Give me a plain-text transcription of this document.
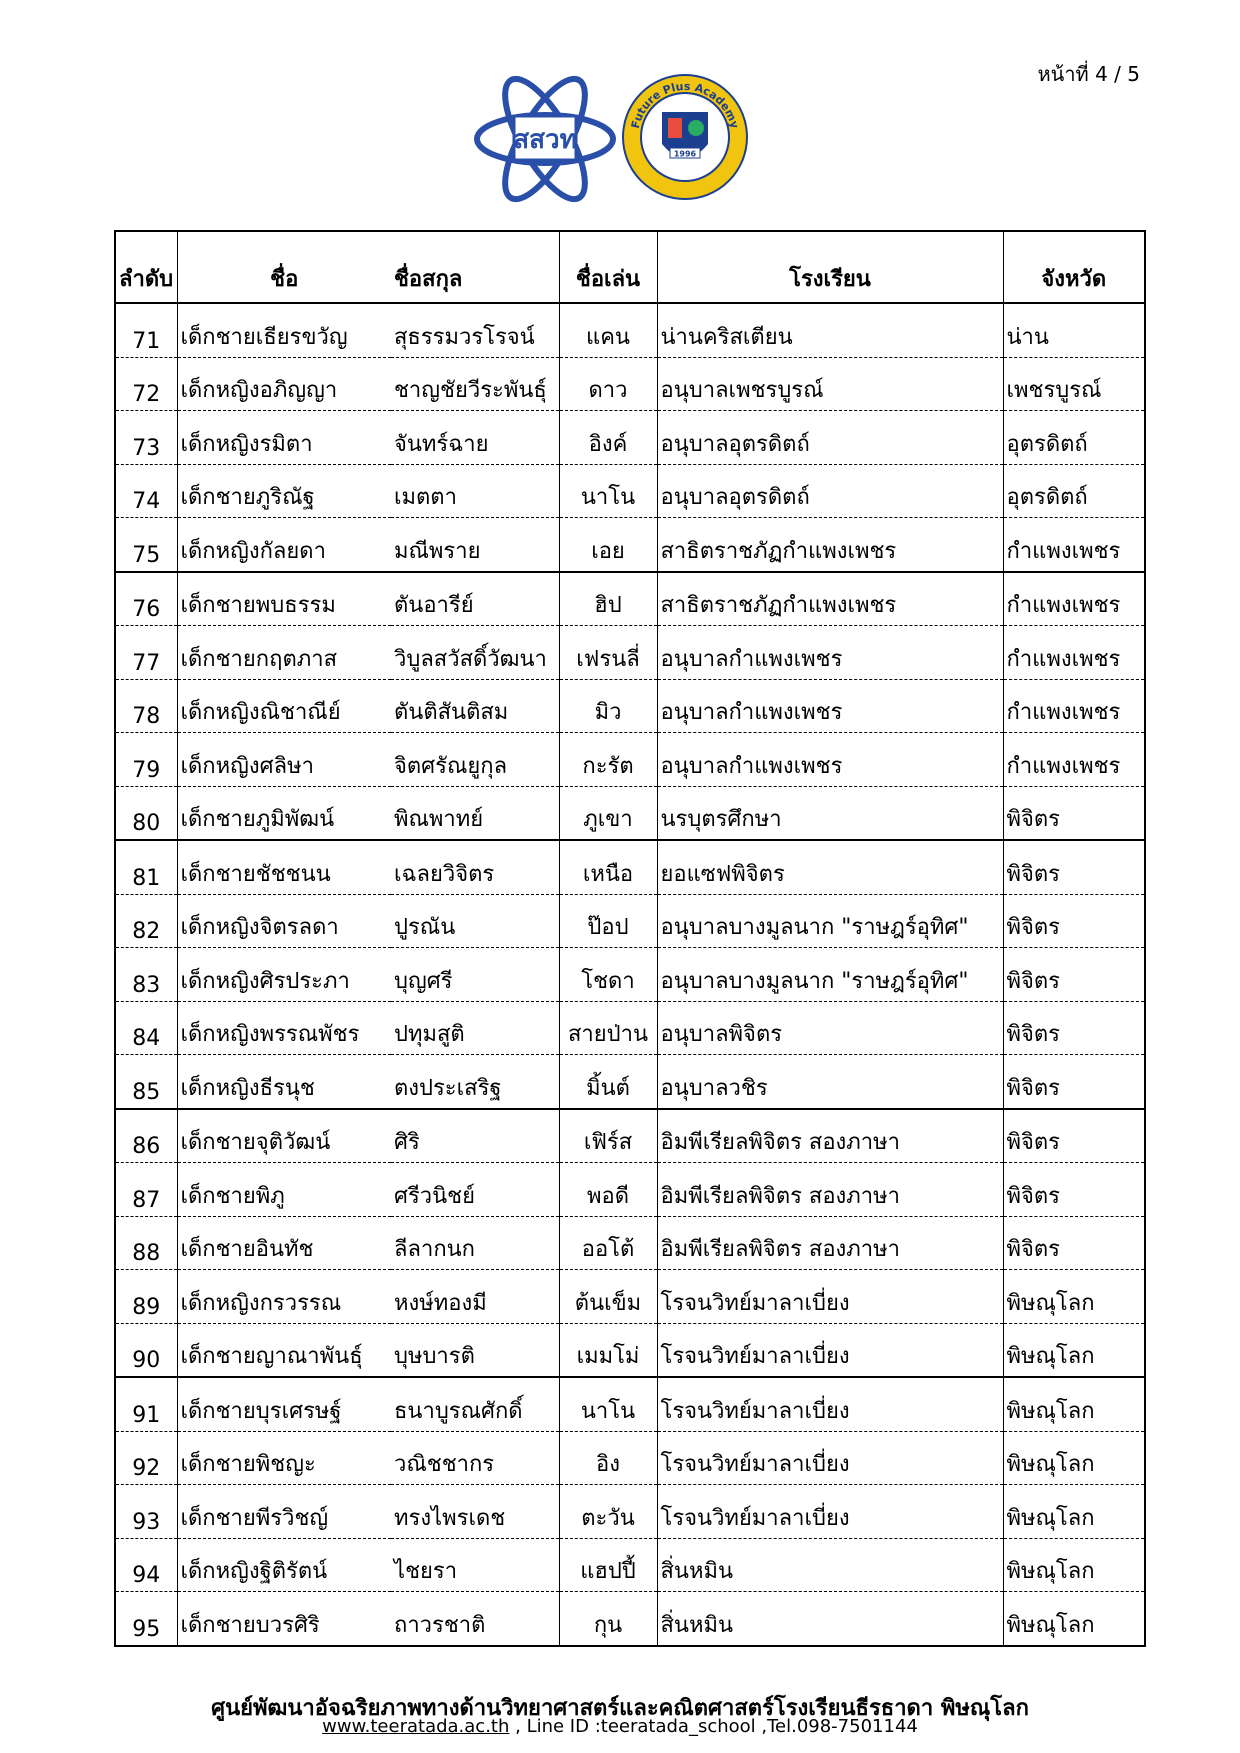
หน้าที่ 4 / 5
สสวท	1996
Future Plus Academy
ลำดับ	ชื่อ	ชื่อสกุล	ชื่อเล่น	โรงเรียน	จังหวัด
71	เด็กชายเธียรขวัญ	สุธรรมวรโรจน์	แคน	น่านคริสเตียน	น่าน
72	เด็กหญิงอภิญญา	ชาญชัยวีระพันธุ์	ดาว	อนุบาลเพชรบูรณ์	เพชรบูรณ์
73	เด็กหญิงรมิตา	จันทร์ฉาย	อิงค์	อนุบาลอุตรดิตถ์	อุตรดิตถ์
74	เด็กชายภูริณัฐ	เมตตา	นาโน	อนุบาลอุตรดิตถ์	อุตรดิตถ์
75	เด็กหญิงกัลยดา	มณีพราย	เอย	สาธิตราชภัฏกำแพงเพชร	กำแพงเพชร
76	เด็กชายพบธรรม	ตันอารีย์	ฮิป	สาธิตราชภัฏกำแพงเพชร	กำแพงเพชร
77	เด็กชายกฤตภาส	วิบูลสวัสดิ์วัฒนา	เฟรนลี่	อนุบาลกำแพงเพชร	กำแพงเพชร
78	เด็กหญิงณิชาณีย์	ตันติสันติสม	มิว	อนุบาลกำแพงเพชร	กำแพงเพชร
79	เด็กหญิงศลิษา	จิตศรัณยูกุล	กะรัต	อนุบาลกำแพงเพชร	กำแพงเพชร
80	เด็กชายภูมิพัฒน์	พิณพาทย์	ภูเขา	นรบุตรศึกษา	พิจิตร
81	เด็กชายชัชชนน	เฉลยวิจิตร	เหนือ	ยอแซฟพิจิตร	พิจิตร
82	เด็กหญิงจิตรลดา	ปูรณัน	ป๊อป	อนุบาลบางมูลนาก "ราษฎร์อุทิศ"	พิจิตร
83	เด็กหญิงศิรประภา	บุญศรี	โชดา	อนุบาลบางมูลนาก "ราษฎร์อุทิศ"	พิจิตร
84	เด็กหญิงพรรณพัชร	ปทุมสูติ	สายป่าน	อนุบาลพิจิตร	พิจิตร
85	เด็กหญิงธีรนุช	ตงประเสริฐ	มิ้นต์	อนุบาลวชิร	พิจิตร
86	เด็กชายจุติวัฒน์	ศิริ	เฟิร์ส	อิมพีเรียลพิจิตร สองภาษา	พิจิตร
87	เด็กชายพิภู	ศรีวนิชย์	พอดี	อิมพีเรียลพิจิตร สองภาษา	พิจิตร
88	เด็กชายอินทัช	ลีลากนก	ออโต้	อิมพีเรียลพิจิตร สองภาษา	พิจิตร
89	เด็กหญิงกรวรรณ	หงษ์ทองมี	ต้นเข็ม	โรจนวิทย์มาลาเบี่ยง	พิษณุโลก
90	เด็กชายญาณาพันธุ์	บุษบารติ	เมมโม่	โรจนวิทย์มาลาเบี่ยง	พิษณุโลก
91	เด็กชายบุรเศรษฐ์	ธนาบูรณศักดิ์	นาโน	โรจนวิทย์มาลาเบี่ยง	พิษณุโลก
92	เด็กชายพิชญะ	วณิชชากร	อิง	โรจนวิทย์มาลาเบี่ยง	พิษณุโลก
93	เด็กชายพีรวิชญ์	ทรงไพรเดช	ตะวัน	โรจนวิทย์มาลาเบี่ยง	พิษณุโลก
94	เด็กหญิงฐิติรัตน์	ไชยรา	แฮปปี้	สิ่นหมิน	พิษณุโลก
95	เด็กชายบวรศิริ	ถาวรชาติ	กุน	สิ่นหมิน	พิษณุโลก
ศูนย์พัฒนาอัจฉริยภาพทางด้านวิทยาศาสตร์และคณิตศาสตร์โรงเรียนธีรธาดา พิษณุโลก
www.teeratada.ac.th , Line ID :teeratada_school ,Tel.098-7501144
